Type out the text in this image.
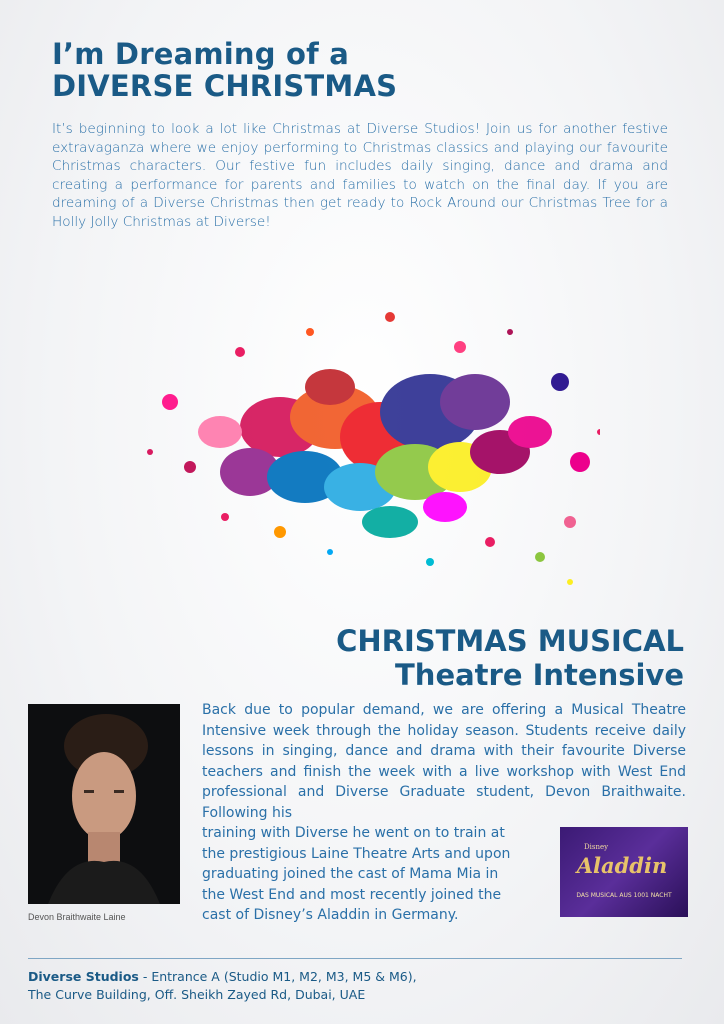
I’m Dreaming of a
DIVERSE CHRISTMAS

It’s beginning to look a lot like Christmas at Diverse Studios! Join us for another festive extravaganza where we enjoy performing to Christmas classics and playing our favourite Christmas characters. Our festive fun includes daily singing, dance and drama and creating a performance for parents and families to watch on the final day. If you are dreaming of a Diverse Christmas then get ready to Rock Around our Christmas Tree for a Holly Jolly Christmas at Diverse!

CHRISTMAS MUSICAL
Theatre Intensive

Devon Braithwaite Laine

Back due to popular demand, we are offering a Musical Theatre Intensive week through the holiday season. Students receive daily lessons in singing, dance and drama with their favourite Diverse teachers and finish the week with a live workshop with West End professional and Diverse Graduate student, Devon Braithwaite. Following his
training with Diverse he went on to train at
the prestigious Laine Theatre Arts and upon
graduating joined the cast of Mama Mia in
the West End and most recently joined the
cast of Disney’s Aladdin in Germany.

Disney
Aladdin
DAS MUSICAL AUS 1001 NACHT

Diverse Studios - Entrance A (Studio M1, M2, M3, M5 & M6),
The Curve Building, Off. Sheikh Zayed Rd, Dubai, UAE
